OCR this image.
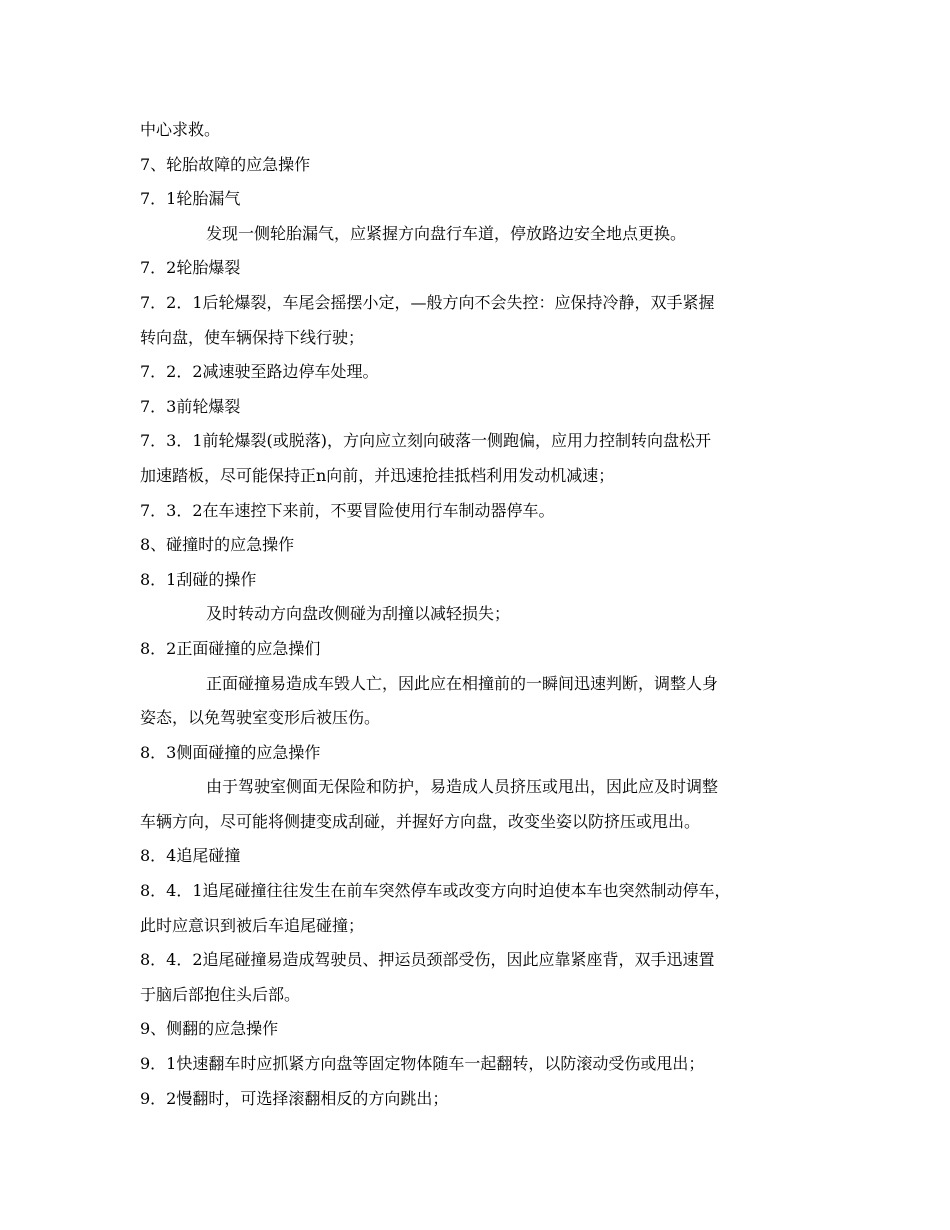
中心求救。
7、轮胎故障的应急操作
7．1轮胎漏气
发现一侧轮胎漏气，应紧握方向盘行车道，停放路边安全地点更换。
7．2轮胎爆裂
7．2．1后轮爆裂，车尾会摇摆小定，—般方向不会失控：应保持冷静，双手紧握
转向盘，使车辆保持下线行驶；
7．2．2减速驶至路边停车处理。
7．3前轮爆裂
7．3．1前轮爆裂(或脱落)，方向应立刻向破落一侧跑偏，应用力控制转向盘松开
加速踏板，尽可能保持正n向前，并迅速抢挂抵档利用发动机减速；
7．3．2在车速控下来前，不要冒险使用行车制动器停车。
8、碰撞时的应急操作
8．1刮碰的操作
及时转动方向盘改侧碰为刮撞以减轻损失；
8．2正面碰撞的应急操们
正面碰撞易造成车毁人亡，因此应在相撞前的一瞬间迅速判断，调整人身
姿态，以免驾驶室变形后被压伤。
8．3侧面碰撞的应急操作
由于驾驶室侧面无保险和防护，易造成人员挤压或甩出，因此应及时调整
车辆方向，尽可能将侧捷变成刮碰，并握好方向盘，改变坐姿以防挤压或甩出。
8．4追尾碰撞
8．4．1追尾碰撞往往发生在前车突然停车或改变方向时迫使本车也突然制动停车，
此时应意识到被后车追尾碰撞；
8．4．2追尾碰撞易造成驾驶员、押运员颈部受伤，因此应靠紧座背，双手迅速置
于脑后部抱住头后部。
9、侧翻的应急操作
9．1快速翻车时应抓紧方向盘等固定物体随车一起翻转，以防滚动受伤或甩出；
9．2慢翻时，可选择滚翻相反的方向跳出；
